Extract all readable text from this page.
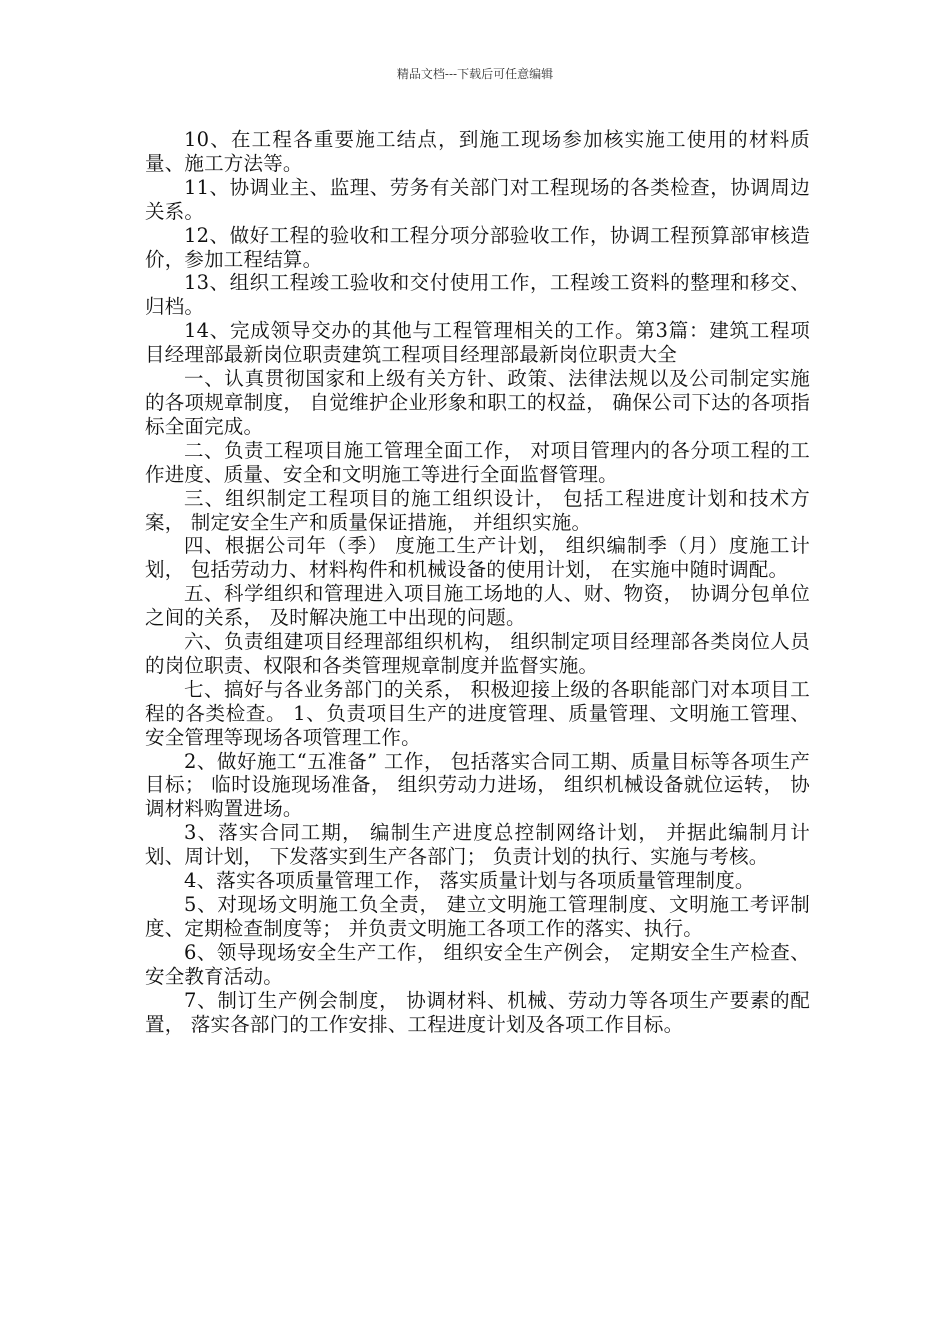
精品文档---下载后可任意编辑

10、在工程各重要施工结点，到施工现场参加核实施工使用的材料质量、施工方法等。

11、协调业主、监理、劳务有关部门对工程现场的各类检查，协调周边关系。

12、做好工程的验收和工程分项分部验收工作，协调工程预算部审核造价，参加工程结算。

13、组织工程竣工验收和交付使用工作，工程竣工资料的整理和移交、归档。

14、完成领导交办的其他与工程管理相关的工作。第3篇：建筑工程项目经理部最新岗位职责建筑工程项目经理部最新岗位职责大全

一、认真贯彻国家和上级有关方针、政策、法律法规以及公司制定实施的各项规章制度， 自觉维护企业形象和职工的权益， 确保公司下达的各项指标全面完成。

二、负责工程项目施工管理全面工作， 对项目管理内的各分项工程的工作进度、质量、安全和文明施工等进行全面监督管理。

三、组织制定工程项目的施工组织设计， 包括工程进度计划和技术方案， 制定安全生产和质量保证措施， 并组织实施。

四、根据公司年（季） 度施工生产计划， 组织编制季（月）度施工计划， 包括劳动力、材料构件和机械设备的使用计划， 在实施中随时调配。

五、科学组织和管理进入项目施工场地的人、财、物资， 协调分包单位之间的关系， 及时解决施工中出现的问题。

六、负责组建项目经理部组织机构， 组织制定项目经理部各类岗位人员的岗位职责、权限和各类管理规章制度并监督实施。

七、搞好与各业务部门的关系， 积极迎接上级的各职能部门对本项目工程的各类检查。 1、负责项目生产的进度管理、质量管理、文明施工管理、安全管理等现场各项管理工作。

2、做好施工“五准备” 工作， 包括落实合同工期、质量目标等各项生产目标； 临时设施现场准备， 组织劳动力进场， 组织机械设备就位运转， 协调材料购置进场。

3、落实合同工期， 编制生产进度总控制网络计划， 并据此编制月计划、周计划， 下发落实到生产各部门； 负责计划的执行、实施与考核。

4、落实各项质量管理工作， 落实质量计划与各项质量管理制度。

5、对现场文明施工负全责， 建立文明施工管理制度、文明施工考评制度、定期检查制度等； 并负责文明施工各项工作的落实、执行。

6、领导现场安全生产工作， 组织安全生产例会， 定期安全生产检查、安全教育活动。

7、制订生产例会制度， 协调材料、机械、劳动力等各项生产要素的配置， 落实各部门的工作安排、工程进度计划及各项工作目标。
